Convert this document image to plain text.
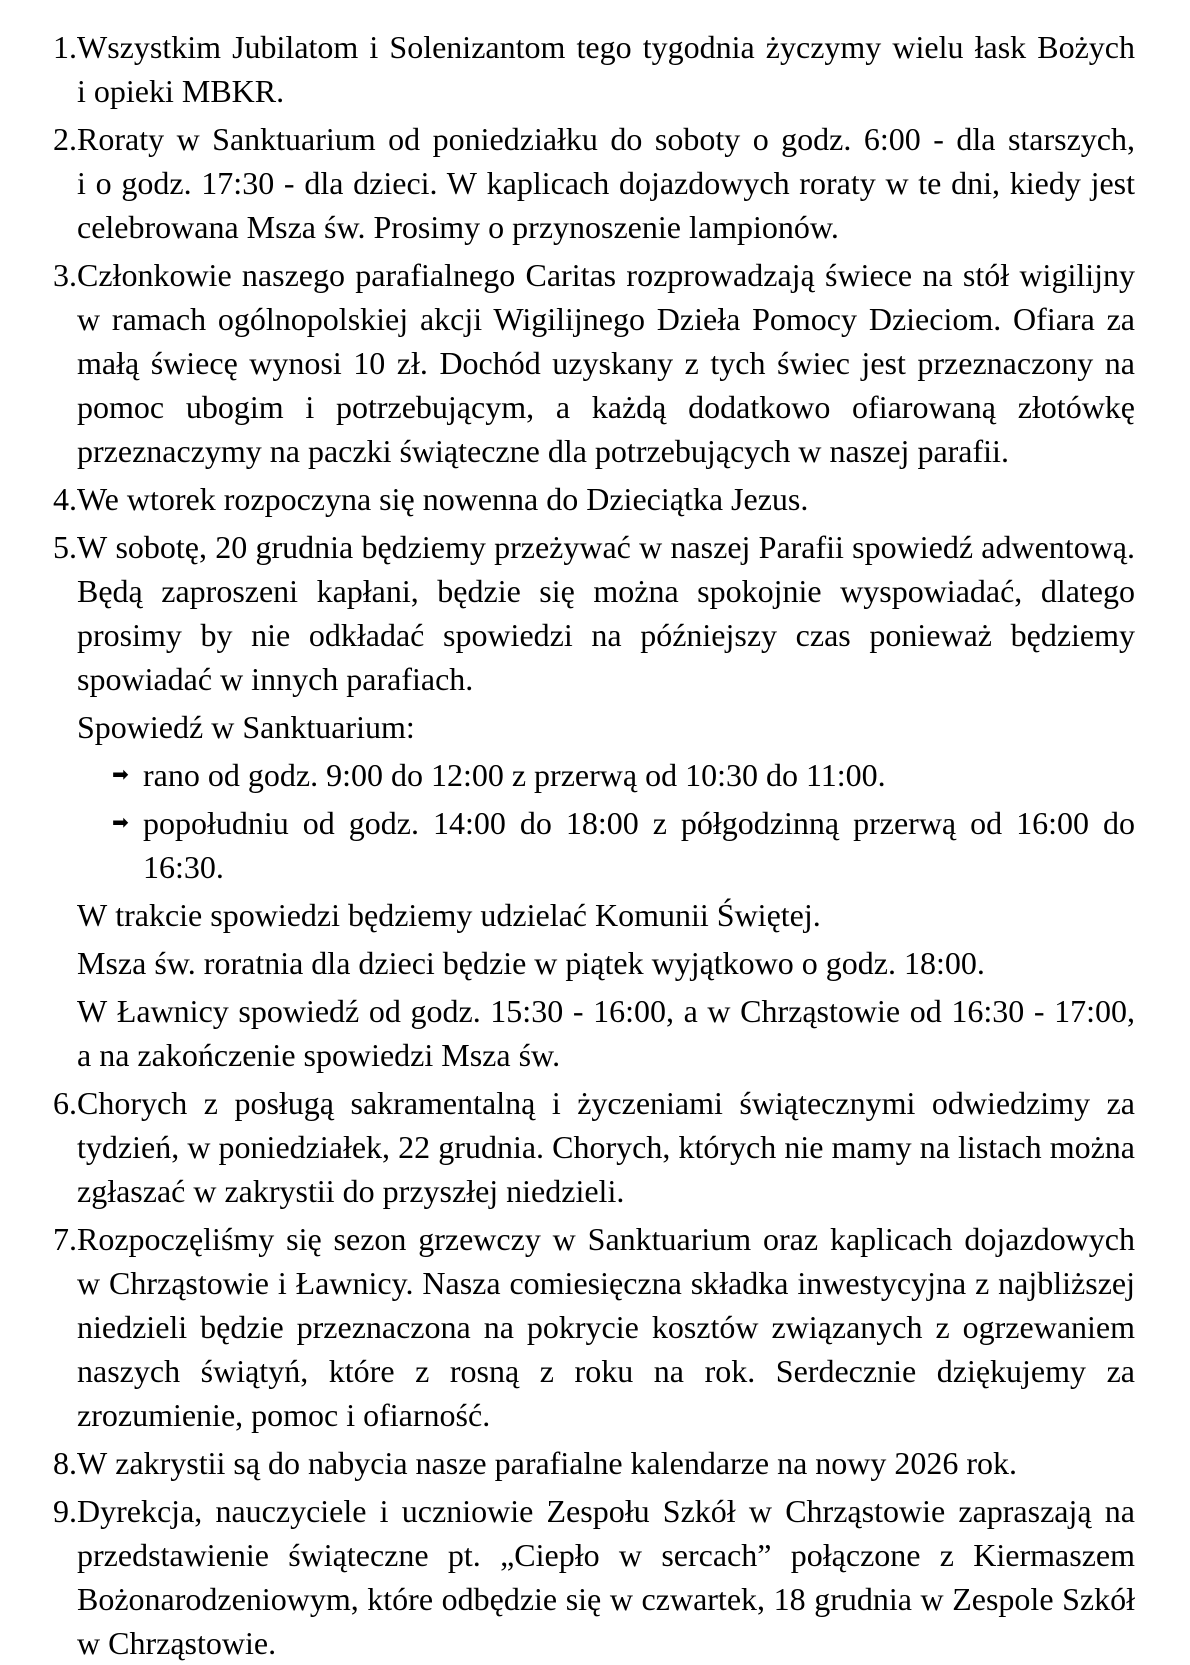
1. Wszystkim Jubilatom i Solenizantom tego tygodnia życzymy wielu łask Bożych i opieki MBKR.

2. Roraty w Sanktuarium od poniedziałku do soboty o godz. 6:00 - dla starszych, i o godz. 17:30 - dla dzieci. W kaplicach dojazdowych roraty w te dni, kiedy jest celebrowana Msza św. Prosimy o przynoszenie lampionów.

3. Członkowie naszego parafialnego Caritas rozprowadzają świece na stół wigilijny w ramach ogólnopolskiej akcji Wigilijnego Dzieła Pomocy Dzieciom. Ofiara za małą świecę wynosi 10 zł. Dochód uzyskany z tych świec jest przeznaczony na pomoc ubogim i potrzebującym, a każdą dodatkowo ofiarowaną złotówkę przeznaczymy na paczki świąteczne dla potrzebujących w naszej parafii.

4. We wtorek rozpoczyna się nowenna do Dzieciątka Jezus.

5. W sobotę, 20 grudnia będziemy przeżywać w naszej Parafii spowiedź adwentową. Będą zaproszeni kapłani, będzie się można spokojnie wyspowiadać, dlatego prosimy by nie odkładać spowiedzi na późniejszy czas ponieważ będziemy spowiadać w innych parafiach.

Spowiedź w Sanktuarium:

➡ rano od godz. 9:00 do 12:00 z przerwą od 10:30 do 11:00.
➡ popołudniu od godz. 14:00 do 18:00 z półgodzinną przerwą od 16:00 do 16:30.

W trakcie spowiedzi będziemy udzielać Komunii Świętej.

Msza św. roratnia dla dzieci będzie w piątek wyjątkowo o godz. 18:00.

W Ławnicy spowiedź od godz. 15:30 - 16:00, a w Chrząstowie od 16:30 - 17:00, a na zakończenie spowiedzi Msza św.

6. Chorych z posługą sakramentalną i życzeniami świątecznymi odwiedzimy za tydzień, w poniedziałek, 22 grudnia. Chorych, których nie mamy na listach można zgłaszać w zakrystii do przyszłej niedzieli.

7. Rozpoczęliśmy się sezon grzewczy w Sanktuarium oraz kaplicach dojazdowych w Chrząstowie i Ławnicy. Nasza comiesięczna składka inwestycyjna z najbliższej niedzieli będzie przeznaczona na pokrycie kosztów związanych z ogrzewaniem naszych świątyń, które z rosną z roku na rok. Serdecznie dziękujemy za zrozumienie, pomoc i ofiarność.

8. W zakrystii są do nabycia nasze parafialne kalendarze na nowy 2026 rok.

9. Dyrekcja, nauczyciele i uczniowie Zespołu Szkół w Chrząstowie zapraszają na przedstawienie świąteczne pt. „Ciepło w sercach” połączone z Kiermaszem Bożonarodzeniowym, które odbędzie się w czwartek, 18 grudnia w Zespole Szkół w Chrząstowie.
